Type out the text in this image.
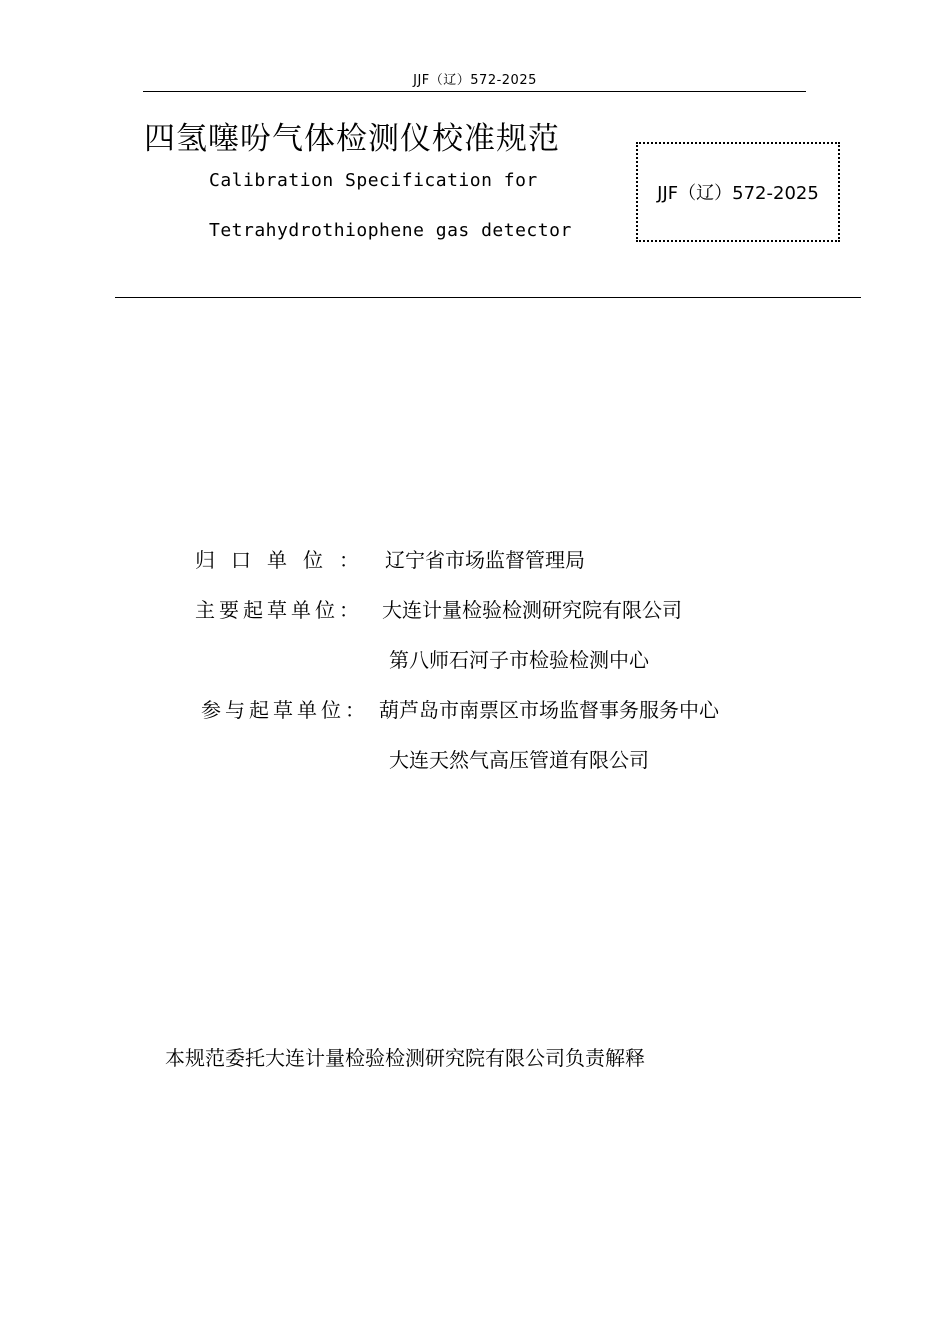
JJF（辽）572-2025
四氢噻吩气体检测仪校准规范
Calibration Specification for
Tetrahydrothiophene gas detector
JJF（辽）572-2025
归口单位： 辽宁省市场监督管理局
主要起草单位： 大连计量检验检测研究院有限公司
第八师石河子市检验检测中心
参与起草单位： 葫芦岛市南票区市场监督事务服务中心
大连天然气高压管道有限公司
本规范委托大连计量检验检测研究院有限公司负责解释
